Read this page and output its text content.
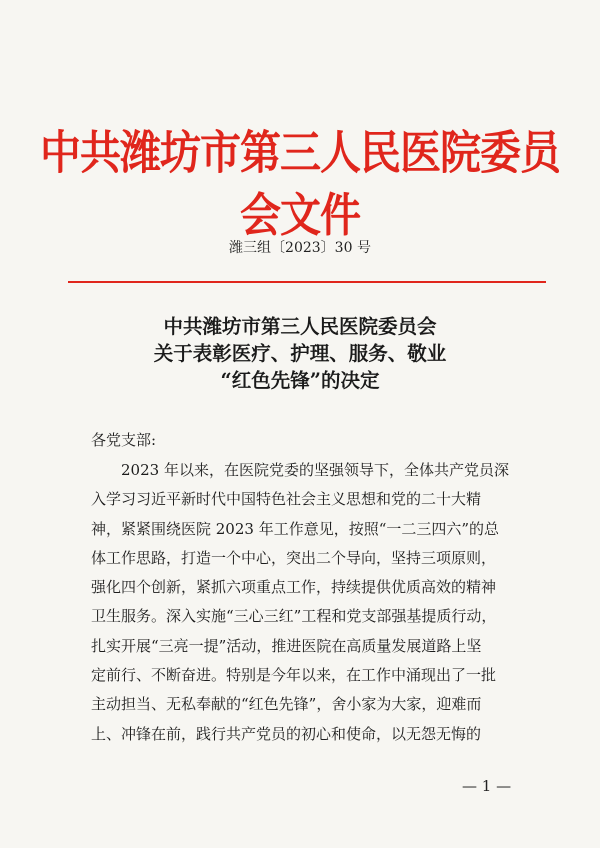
中共潍坊市第三人民医院委员会文件
潍三组〔2023〕30 号
中共潍坊市第三人民医院委员会
关于表彰医疗、护理、服务、敬业
“红色先锋”的决定
各党支部:
2023 年以来，在医院党委的坚强领导下，全体共产党员深
入学习习近平新时代中国特色社会主义思想和党的二十大精
神，紧紧围绕医院 2023 年工作意见，按照“一二三四六”的总
体工作思路，打造一个中心，突出二个导向，坚持三项原则，
强化四个创新，紧抓六项重点工作，持续提供优质高效的精神
卫生服务。深入实施“三心三红”工程和党支部强基提质行动，
扎实开展“三亮一提”活动，推进医院在高质量发展道路上坚
定前行、不断奋进。特别是今年以来，在工作中涌现出了一批
主动担当、无私奉献的“红色先锋”，舍小家为大家，迎难而
上、冲锋在前，践行共产党员的初心和使命，以无怨无悔的
— 1 —
